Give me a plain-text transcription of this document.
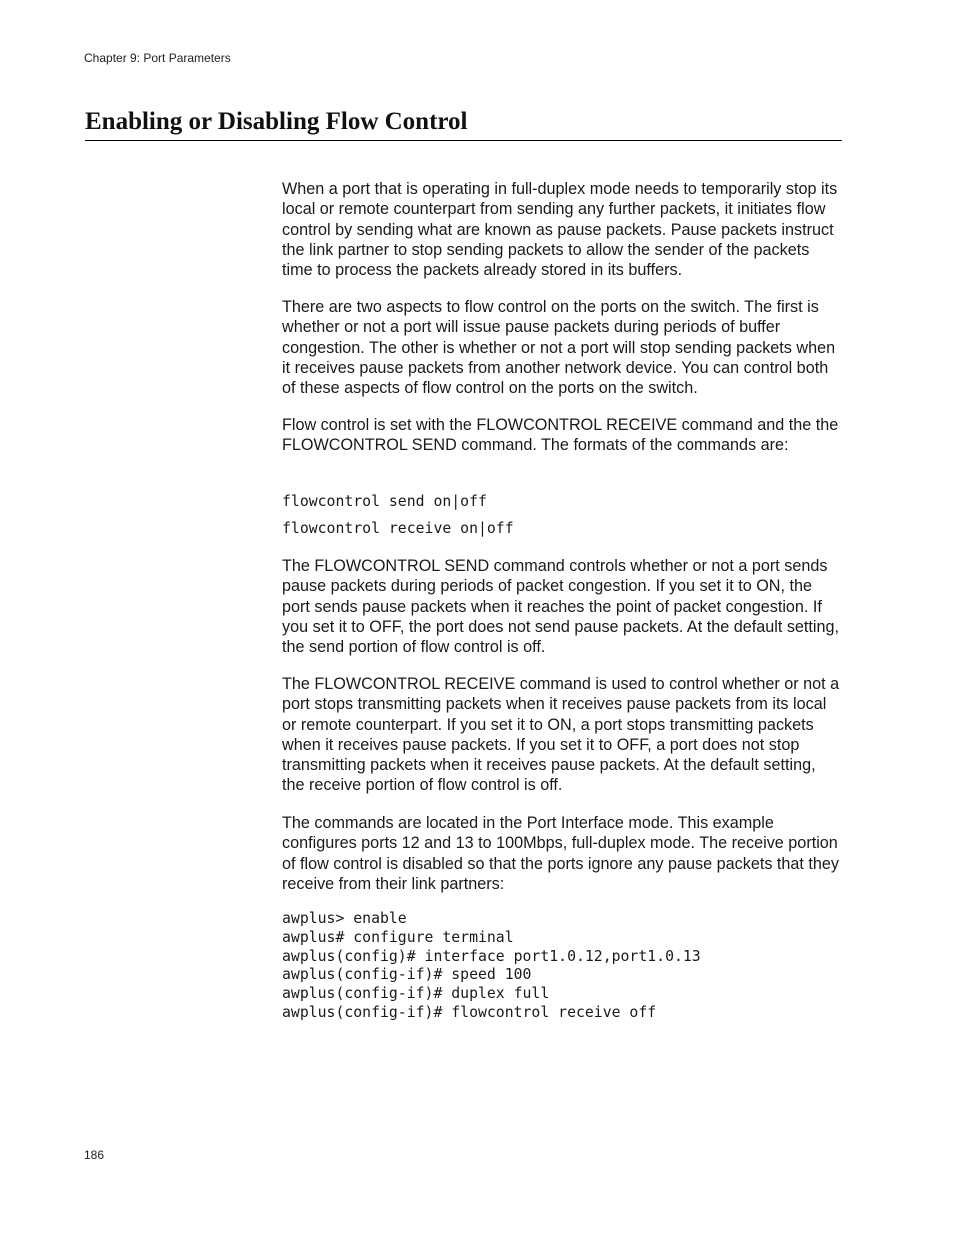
Chapter 9: Port Parameters
Enabling or Disabling Flow Control

When a port that is operating in full-duplex mode needs to temporarily stop its local or remote counterpart from sending any further packets, it initiates flow control by sending what are known as pause packets. Pause packets instruct the link partner to stop sending packets to allow the sender of the packets time to process the packets already stored in its buffers.

There are two aspects to flow control on the ports on the switch. The first is whether or not a port will issue pause packets during periods of buffer congestion. The other is whether or not a port will stop sending packets when it receives pause packets from another network device. You can control both of these aspects of flow control on the ports on the switch.

Flow control is set with the FLOWCONTROL RECEIVE command and the the FLOWCONTROL SEND command. The formats of the commands are:

flowcontrol send on|off
flowcontrol receive on|off

The FLOWCONTROL SEND command controls whether or not a port sends pause packets during periods of packet congestion. If you set it to ON, the port sends pause packets when it reaches the point of packet congestion. If you set it to OFF, the port does not send pause packets. At the default setting, the send portion of flow control is off.

The FLOWCONTROL RECEIVE command is used to control whether or not a port stops transmitting packets when it receives pause packets from its local or remote counterpart. If you set it to ON, a port stops transmitting packets when it receives pause packets. If you set it to OFF, a port does not stop transmitting packets when it receives pause packets. At the default setting, the receive portion of flow control is off.

The commands are located in the Port Interface mode. This example configures ports 12 and 13 to 100Mbps, full-duplex mode. The receive portion of flow control is disabled so that the ports ignore any pause packets that they receive from their link partners:

awplus> enable
awplus# configure terminal
awplus(config)# interface port1.0.12,port1.0.13
awplus(config-if)# speed 100
awplus(config-if)# duplex full
awplus(config-if)# flowcontrol receive off
186
